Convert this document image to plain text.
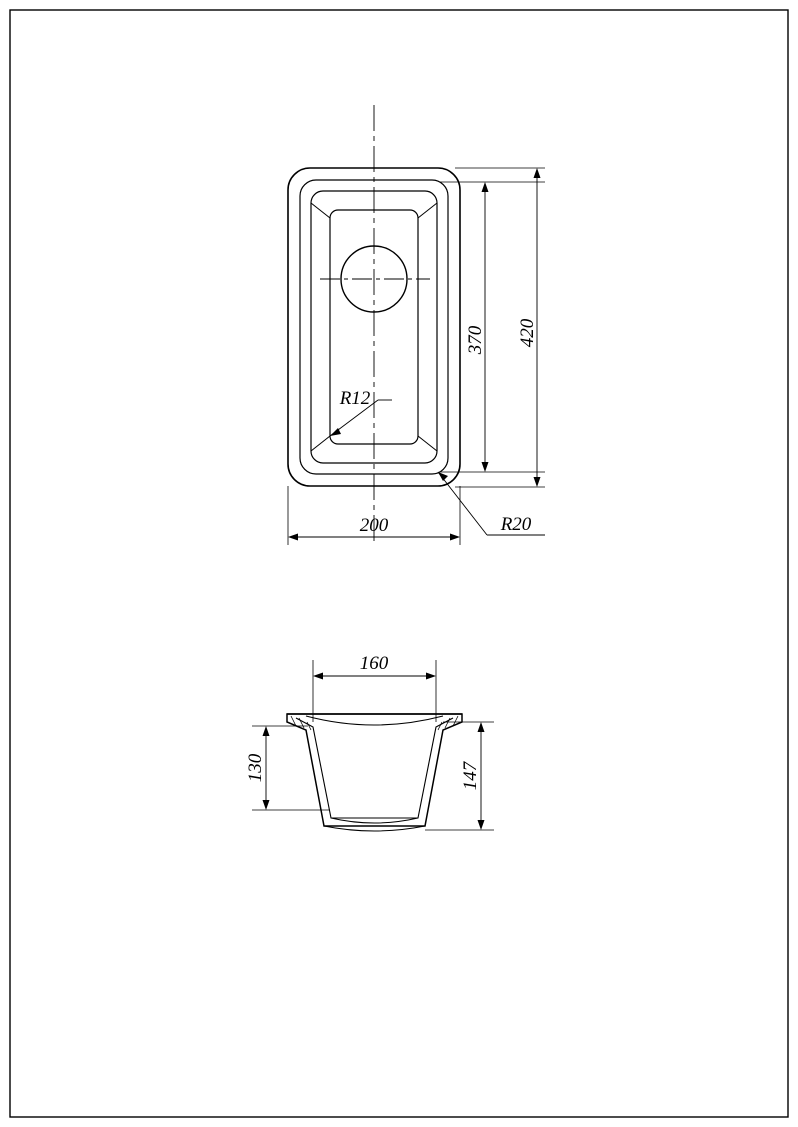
370 420
200
R12
R20
160
130	147
